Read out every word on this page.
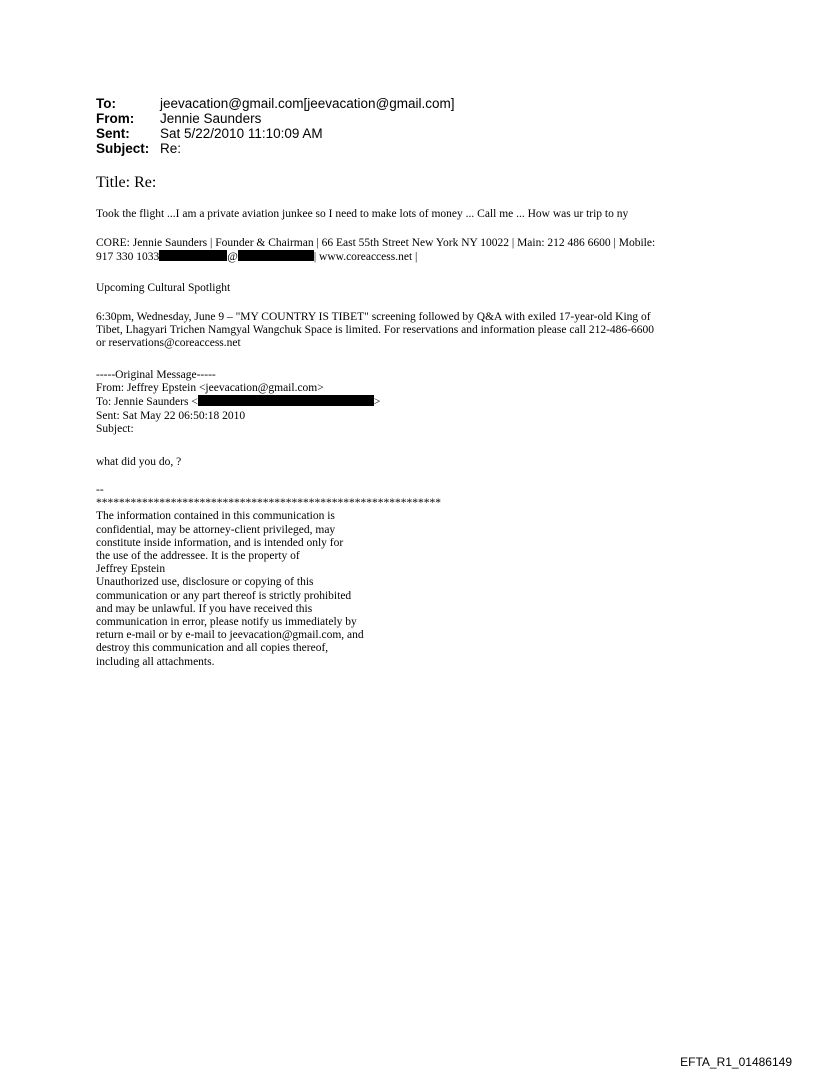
To:	jeevacation@gmail.com[jeevacation@gmail.com]
From:	Jennie Saunders
Sent:	Sat 5/22/2010 11:10:09 AM
Subject: Re:
Title: Re:
Took the flight ...I am a private aviation junkee so I need to make lots of money ... Call me ... How was ur trip to ny
CORE: Jennie Saunders | Founder & Chairman | 66 East 55th Street New York NY 10022 | Main: 212 486 6600 | Mobile:
917 330 1033	@	| www.coreaccess.net |
Upcoming Cultural Spotlight
6:30pm, Wednesday, June 9 – "MY COUNTRY IS TIBET" screening followed by Q&A with exiled 17-year-old King of
Tibet, Lhagyari Trichen Namgyal Wangchuk Space is limited. For reservations and information please call 212-486-6600
or reservations@coreaccess.net
-----Original Message-----
From: Jeffrey Epstein <jeevacation@gmail.com>
To: Jennie Saunders <	>
Sent: Sat May 22 06:50:18 2010
Subject:
what did you do, ?
--
************************************************************
The information contained in this communication is
confidential, may be attorney-client privileged, may
constitute inside information, and is intended only for
the use of the addressee. It is the property of
Jeffrey Epstein
Unauthorized use, disclosure or copying of this
communication or any part thereof is strictly prohibited
and may be unlawful. If you have received this
communication in error, please notify us immediately by
return e-mail or by e-mail to jeevacation@gmail.com, and
destroy this communication and all copies thereof,
including all attachments.
EFTA_R1_01486149
